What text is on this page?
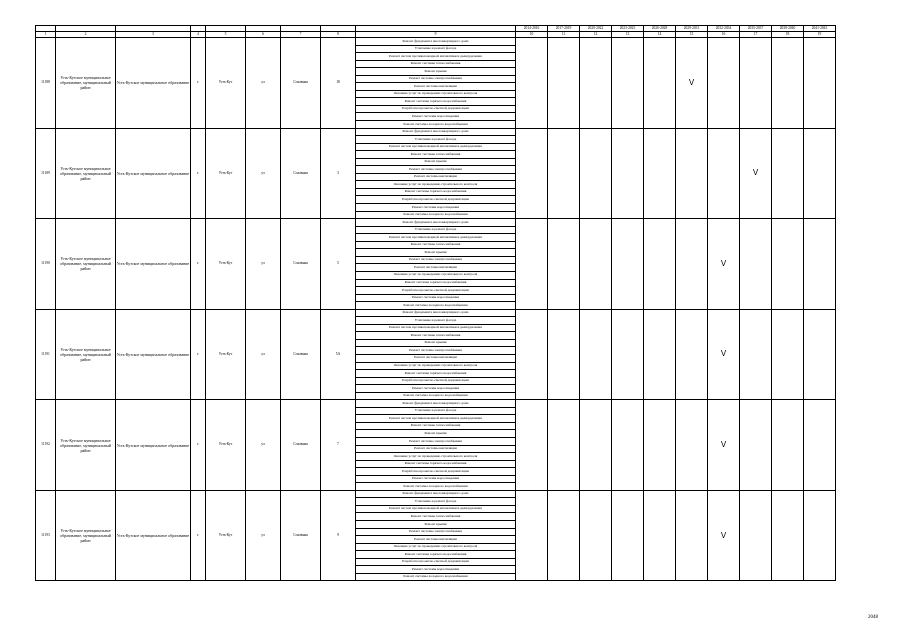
									2014-2016	2017-2019	2020-2022	2023-2025	2026-2028	2029-2031	2032-2034	2035-2037	2038-2040	2041-2043
1	2	3	4	5	6	7	8	9	10	11	12	13	14	15	16	17	18	19
11188	Усть-Кутское муниципальное образование, муниципальный район	Усть-Кутское муниципальное образование	г.	Усть-Кут	ул	Сплавная	18	Ремонт фундамента многоквартирного дома						V				
								Утепление и ремонт фасада										
								Ремонт систем противопожарной автоматики и дымоудаления										
								Ремонт системы теплоснабжения										
								Ремонт крыши										
								Ремонт системы электроснабжения										
								Ремонт системы вентиляции										
								Оказание услуг по проведению строительного контроля										
								Ремонт системы горячего водоснабжения										
								Разработка проектно-сметной документации										
								Ремонт системы водоотведения										
								Ремонт системы холодного водоснабжения										
11189	Усть-Кутское муниципальное образование, муниципальный район	Усть-Кутское муниципальное образование	г.	Усть-Кут	ул	Сплавная	3	Ремонт фундамента многоквартирного дома								V		
								Утепление и ремонт фасада										
								Ремонт систем противопожарной автоматики и дымоудаления										
								Ремонт системы теплоснабжения										
								Ремонт крыши										
								Ремонт системы электроснабжения										
								Ремонт системы вентиляции										
								Оказание услуг по проведению строительного контроля										
								Ремонт системы горячего водоснабжения										
								Разработка проектно-сметной документации										
								Ремонт системы водоотведения										
								Ремонт системы холодного водоснабжения										
11190	Усть-Кутское муниципальное образование, муниципальный район	Усть-Кутское муниципальное образование	г.	Усть-Кут	ул	Сплавная	5	Ремонт фундамента многоквартирного дома							V			
								Утепление и ремонт фасада										
								Ремонт систем противопожарной автоматики и дымоудаления										
								Ремонт системы теплоснабжения										
								Ремонт крыши										
								Ремонт системы электроснабжения										
								Ремонт системы вентиляции										
								Оказание услуг по проведению строительного контроля										
								Ремонт системы горячего водоснабжения										
								Разработка проектно-сметной документации										
								Ремонт системы водоотведения										
								Ремонт системы холодного водоснабжения										
11191	Усть-Кутское муниципальное образование, муниципальный район	Усть-Кутское муниципальное образование	г.	Усть-Кут	ул	Сплавная	5А	Ремонт фундамента многоквартирного дома							V			
								Утепление и ремонт фасада										
								Ремонт систем противопожарной автоматики и дымоудаления										
								Ремонт системы теплоснабжения										
								Ремонт крыши										
								Ремонт системы электроснабжения										
								Ремонт системы вентиляции										
								Оказание услуг по проведению строительного контроля										
								Ремонт системы горячего водоснабжения										
								Разработка проектно-сметной документации										
								Ремонт системы водоотведения										
								Ремонт системы холодного водоснабжения										
11192	Усть-Кутское муниципальное образование, муниципальный район	Усть-Кутское муниципальное образование	г.	Усть-Кут	ул	Сплавная	7	Ремонт фундамента многоквартирного дома							V			
								Утепление и ремонт фасада										
								Ремонт систем противопожарной автоматики и дымоудаления										
								Ремонт системы теплоснабжения										
								Ремонт крыши										
								Ремонт системы электроснабжения										
								Ремонт системы вентиляции										
								Оказание услуг по проведению строительного контроля										
								Ремонт системы горячего водоснабжения										
								Разработка проектно-сметной документации										
								Ремонт системы водоотведения										
								Ремонт системы холодного водоснабжения										
11193	Усть-Кутское муниципальное образование, муниципальный район	Усть-Кутское муниципальное образование	г.	Усть-Кут	ул	Сплавная	9	Ремонт фундамента многоквартирного дома							V			
								Утепление и ремонт фасада										
								Ремонт систем противопожарной автоматики и дымоудаления										
								Ремонт системы теплоснабжения										
								Ремонт крыши										
								Ремонт системы электроснабжения										
								Ремонт системы вентиляции										
								Оказание услуг по проведению строительного контроля										
								Ремонт системы горячего водоснабжения										
								Разработка проектно-сметной документации										
								Ремонт системы водоотведения										
								Ремонт системы холодного водоснабжения										
2048
